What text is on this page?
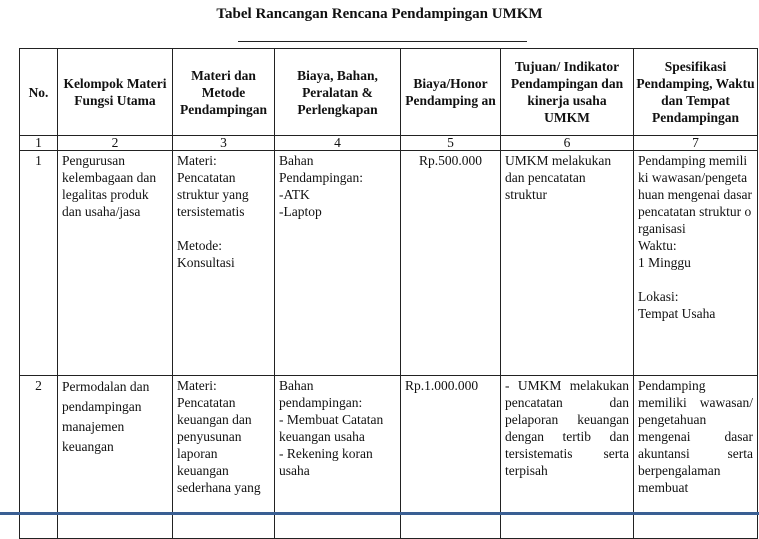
Tabel Rancangan Rencana Pendampingan UMKM
No.	Kelompok Materi Fungsi Utama	Materi dan Metode Pendampingan	Biaya, Bahan, Peralatan & Perlengkapan	Biaya/Honor Pendamping an	Tujuan/ Indikator Pendampingan dan kinerja usaha UMKM	Spesifikasi Pendamping, Waktu dan Tempat Pendampingan
1	2	3	4	5	6	7
1	Pengurusan kelembagaan dan legalitas produk dan usaha/jasa	Materi:
Pencatatan struktur yang tersistematis

Metode:
Konsultasi	Bahan Pendampingan:
-ATK
-Laptop	Rp.500.000	UMKM melakukan dan pencatatan struktur	Pendamping memiliki wawasan/pengetahuan mengenai dasar pencatatan struktur organisasi
Waktu:
1 Minggu

Lokasi:
Tempat Usaha
2	Permodalan dan pendampingan manajemen keuangan	Materi:
Pencatatan keuangan dan penyusunan laporan keuangan sederhana yang	Bahan pendampingan:
- Membuat Catatan keuangan usaha
- Rekening koran usaha	Rp.1.000.000	- UMKM melakukan pencatatan dan pelaporan keuangan dengan tertib dan tersistematis serta terpisah	Pendamping memiliki wawasan/ pengetahuan mengenai dasar akuntansi serta berpengalaman membuat
